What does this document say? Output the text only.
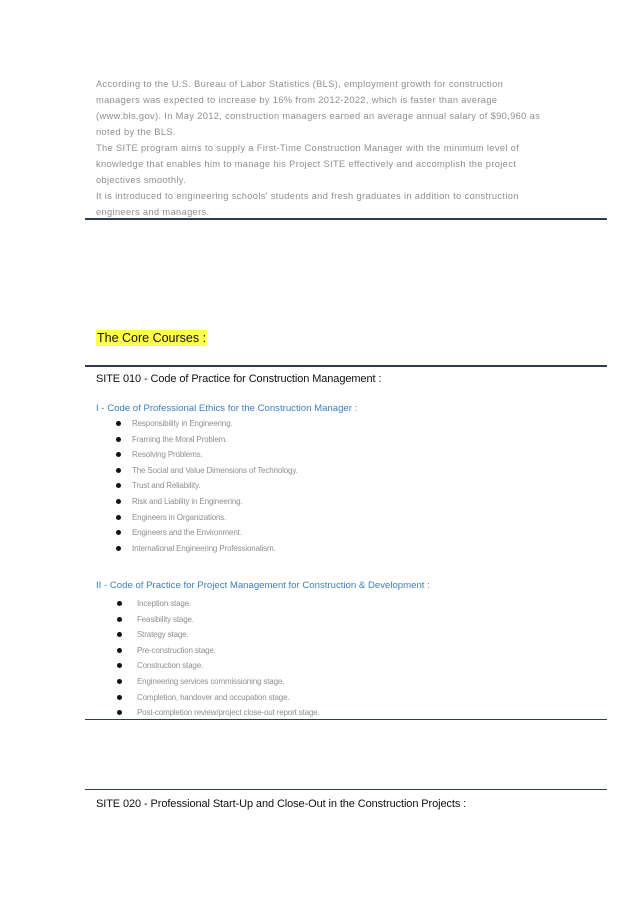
According to the U.S. Bureau of Labor Statistics (BLS), employment growth for construction managers was expected to increase by 16% from 2012-2022, which is faster than average (www.bls.gov). In May 2012, construction managers earned an average annual salary of $90,960 as noted by the BLS.

The SITE program aims to supply a First-Time Construction Manager with the minimum level of knowledge that enables him to manage his Project SITE effectively and accomplish the project objectives smoothly.

It is introduced to engineering schools' students and fresh graduates in addition to construction engineers and managers.

The Core Courses :
SITE 010 - Code of Practice for Construction Management :
I - Code of Professional Ethics for the Construction Manager :
Responsibility in Engineering.
Framing the Moral Problem.
Resolving Problems.
The Social and Value Dimensions of Technology.
Trust and Reliability.
Risk and Liability in Engineering.
Engineers in Organizations.
Engineers and the Environment.
International Engineering Professionalism.
II - Code of Practice for Project Management for Construction & Development :
Inception stage.
Feasibility stage.
Strategy stage.
Pre-construction stage.
Construction stage.
Engineering services commissioning stage.
Completion, handover and occupation stage.
Post-completion review/project close-out report stage.
SITE 020 - Professional Start-Up and Close-Out in the Construction Projects :
